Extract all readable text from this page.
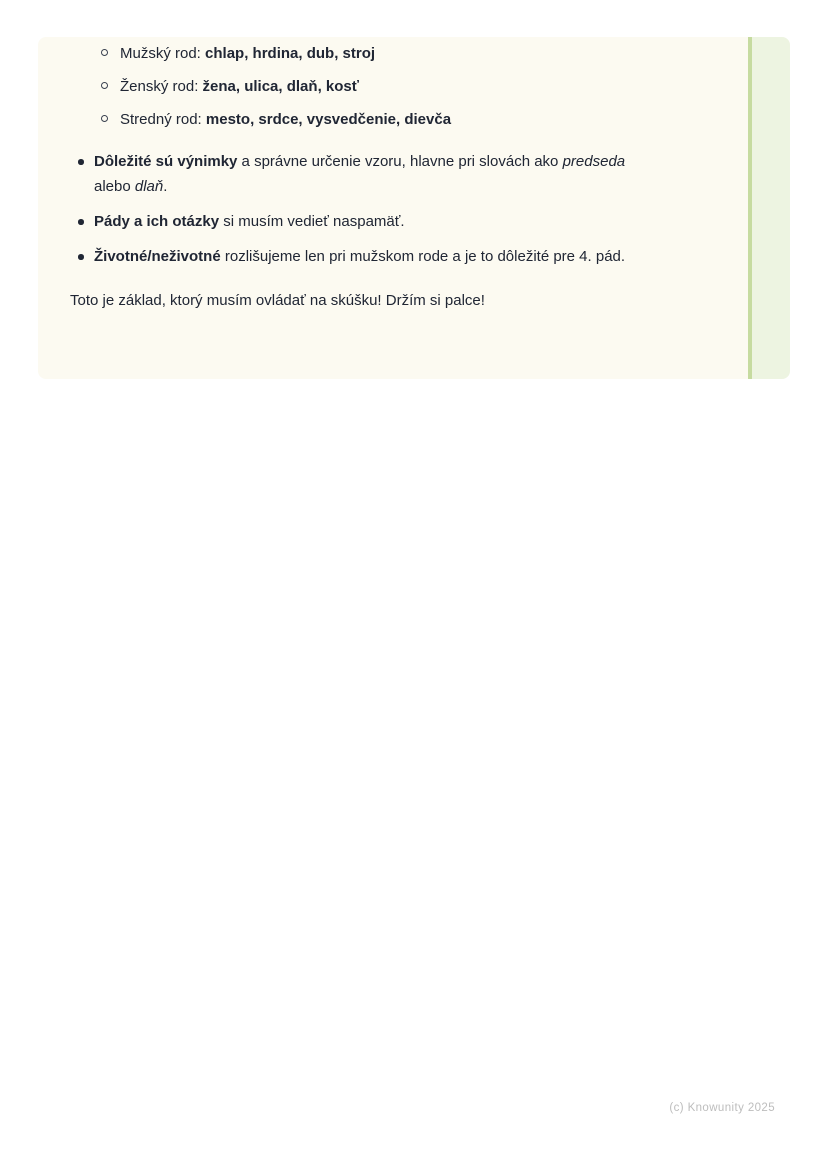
Mužský rod: chlap, hrdina, dub, stroj
Ženský rod: žena, ulica, dlaň, kosť
Stredný rod: mesto, srdce, vysvedčenie, dievča
Dôležité sú výnimky a správne určenie vzoru, hlavne pri slovách ako predseda alebo dlaň.
Pády a ich otázky si musím vedieť naspamäť.
Životné/neživotné rozlišujeme len pri mužskom rode a je to dôležité pre 4. pád.
Toto je základ, ktorý musím ovládať na skúšku! Držím si palce!
(c) Knowunity 2025
